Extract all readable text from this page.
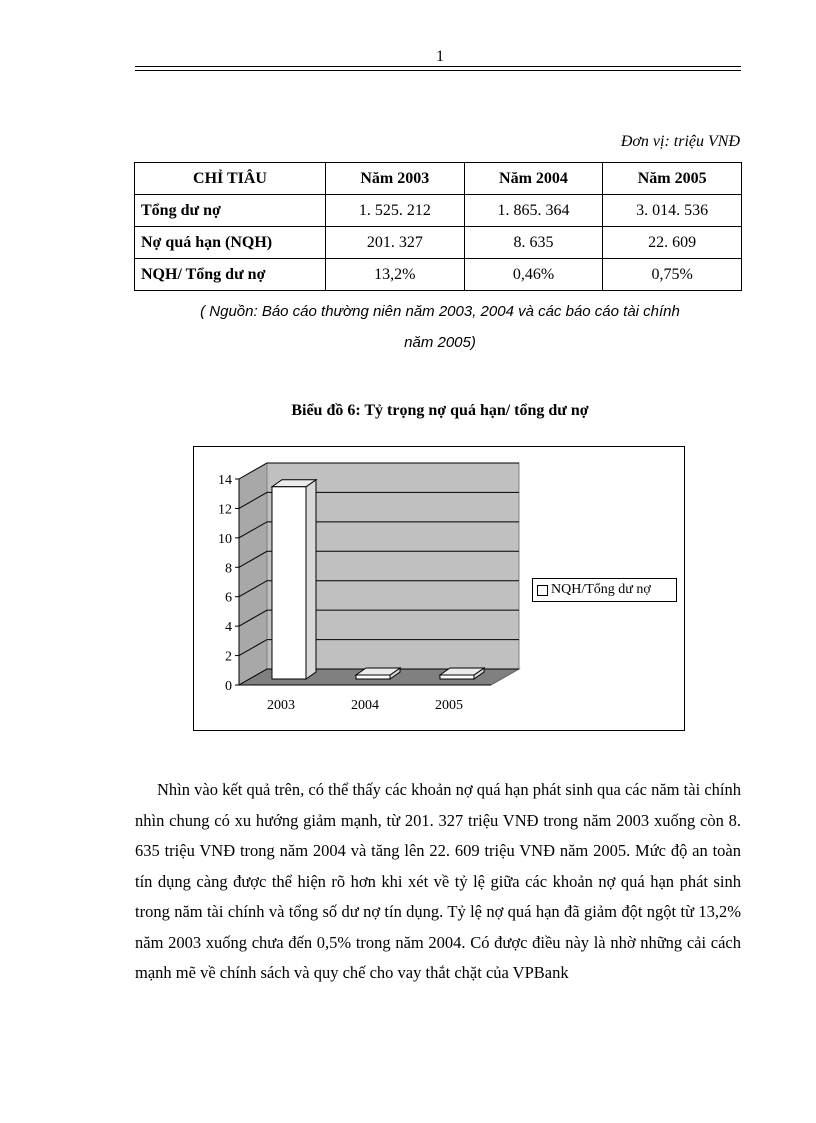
1
Đơn vị: triệu VNĐ
CHỈ TIÂU	Năm 2003	Năm 2004	Năm 2005
Tổng dư nợ	1. 525. 212	1. 865. 364	3. 014. 536
Nợ quá hạn (NQH)	201. 327	8. 635	22. 609
NQH/ Tổng dư nợ	13,2%	0,46%	0,75%
( Nguồn: Báo cáo thường niên năm 2003, 2004 và các báo cáo tài chính
năm 2005)
Biểu đồ 6: Tỷ trọng nợ quá hạn/ tổng dư nợ
0
2
4
6
8
10
12
14
2003	2004	2005
NQH/Tổng dư nợ
Nhìn vào kết quả trên, có thể thấy các khoản nợ quá hạn phát sinh qua các năm tài chính nhìn chung có xu hướng giảm mạnh, từ 201. 327 triệu VNĐ trong năm 2003 xuống còn 8. 635 triệu VNĐ trong năm 2004 và tăng lên 22. 609 triệu VNĐ năm 2005. Mức độ an toàn tín dụng càng được thể hiện rõ hơn khi xét về tỷ lệ giữa các khoản nợ quá hạn phát sinh trong năm tài chính và tổng số dư nợ tín dụng. Tỷ lệ nợ quá hạn đã giảm đột ngột từ 13,2% năm 2003 xuống chưa đến 0,5% trong năm 2004. Có được điều này là nhờ những cải cách mạnh mẽ về chính sách và quy chế cho vay thắt chặt của VPBank
